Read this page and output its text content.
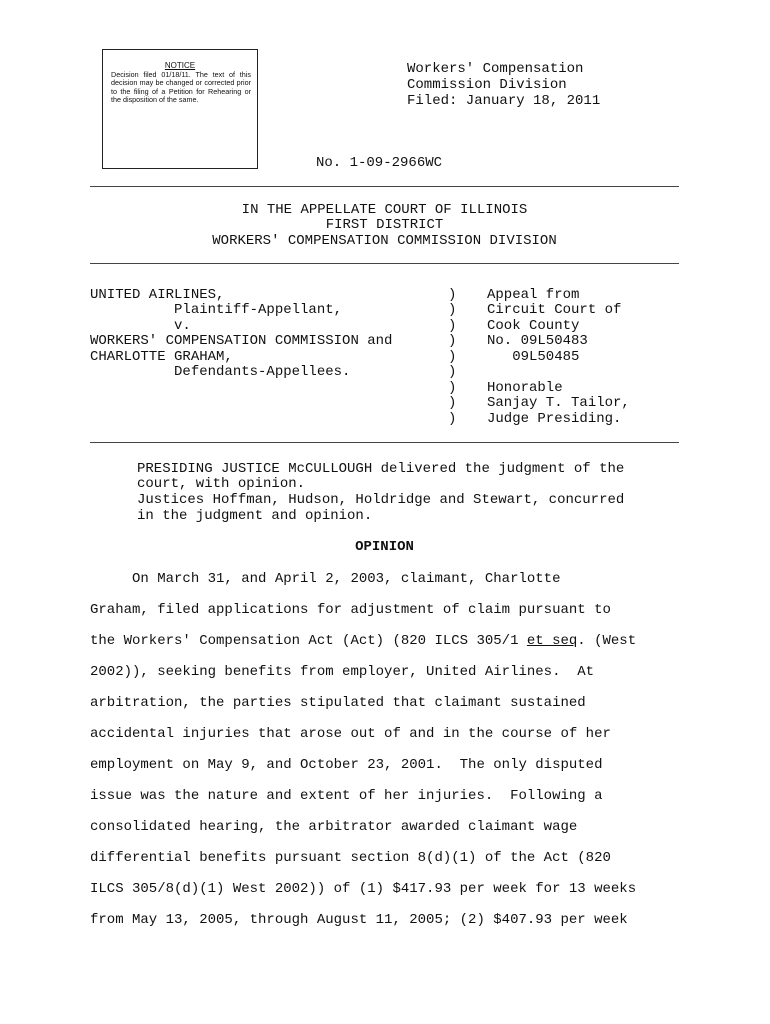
NOTICE
Decision filed 01/18/11. The text of this decision may be changed or corrected prior to the filing of a Petition for Rehearing or the disposition of the same.
Workers' Compensation
Commission Division
Filed: January 18, 2011
No. 1-09-2966WC
IN THE APPELLATE COURT OF ILLINOIS
FIRST DISTRICT
WORKERS' COMPENSATION COMMISSION DIVISION
UNITED AIRLINES,
Plaintiff-Appellant,
v.
WORKERS' COMPENSATION COMMISSION and
CHARLOTTE GRAHAM,
Defendants-Appellees.
)
)
)
)
)
)
)
)
)
Appeal from
Circuit Court of
Cook County
No. 09L50483
09L50485
Honorable
Sanjay T. Tailor,
Judge Presiding.
PRESIDING JUSTICE McCULLOUGH delivered the judgment of the
court, with opinion.
Justices Hoffman, Hudson, Holdridge and Stewart, concurred
in the judgment and opinion.
OPINION
On March 31, and April 2, 2003, claimant, Charlotte
Graham, filed applications for adjustment of claim pursuant to
the Workers' Compensation Act (Act) (820 ILCS 305/1 et seq. (West
2002)), seeking benefits from employer, United Airlines.  At
arbitration, the parties stipulated that claimant sustained
accidental injuries that arose out of and in the course of her
employment on May 9, and October 23, 2001.  The only disputed
issue was the nature and extent of her injuries.  Following a
consolidated hearing, the arbitrator awarded claimant wage
differential benefits pursuant section 8(d)(1) of the Act (820
ILCS 305/8(d)(1) West 2002)) of (1) $417.93 per week for 13 weeks
from May 13, 2005, through August 11, 2005; (2) $407.93 per week
